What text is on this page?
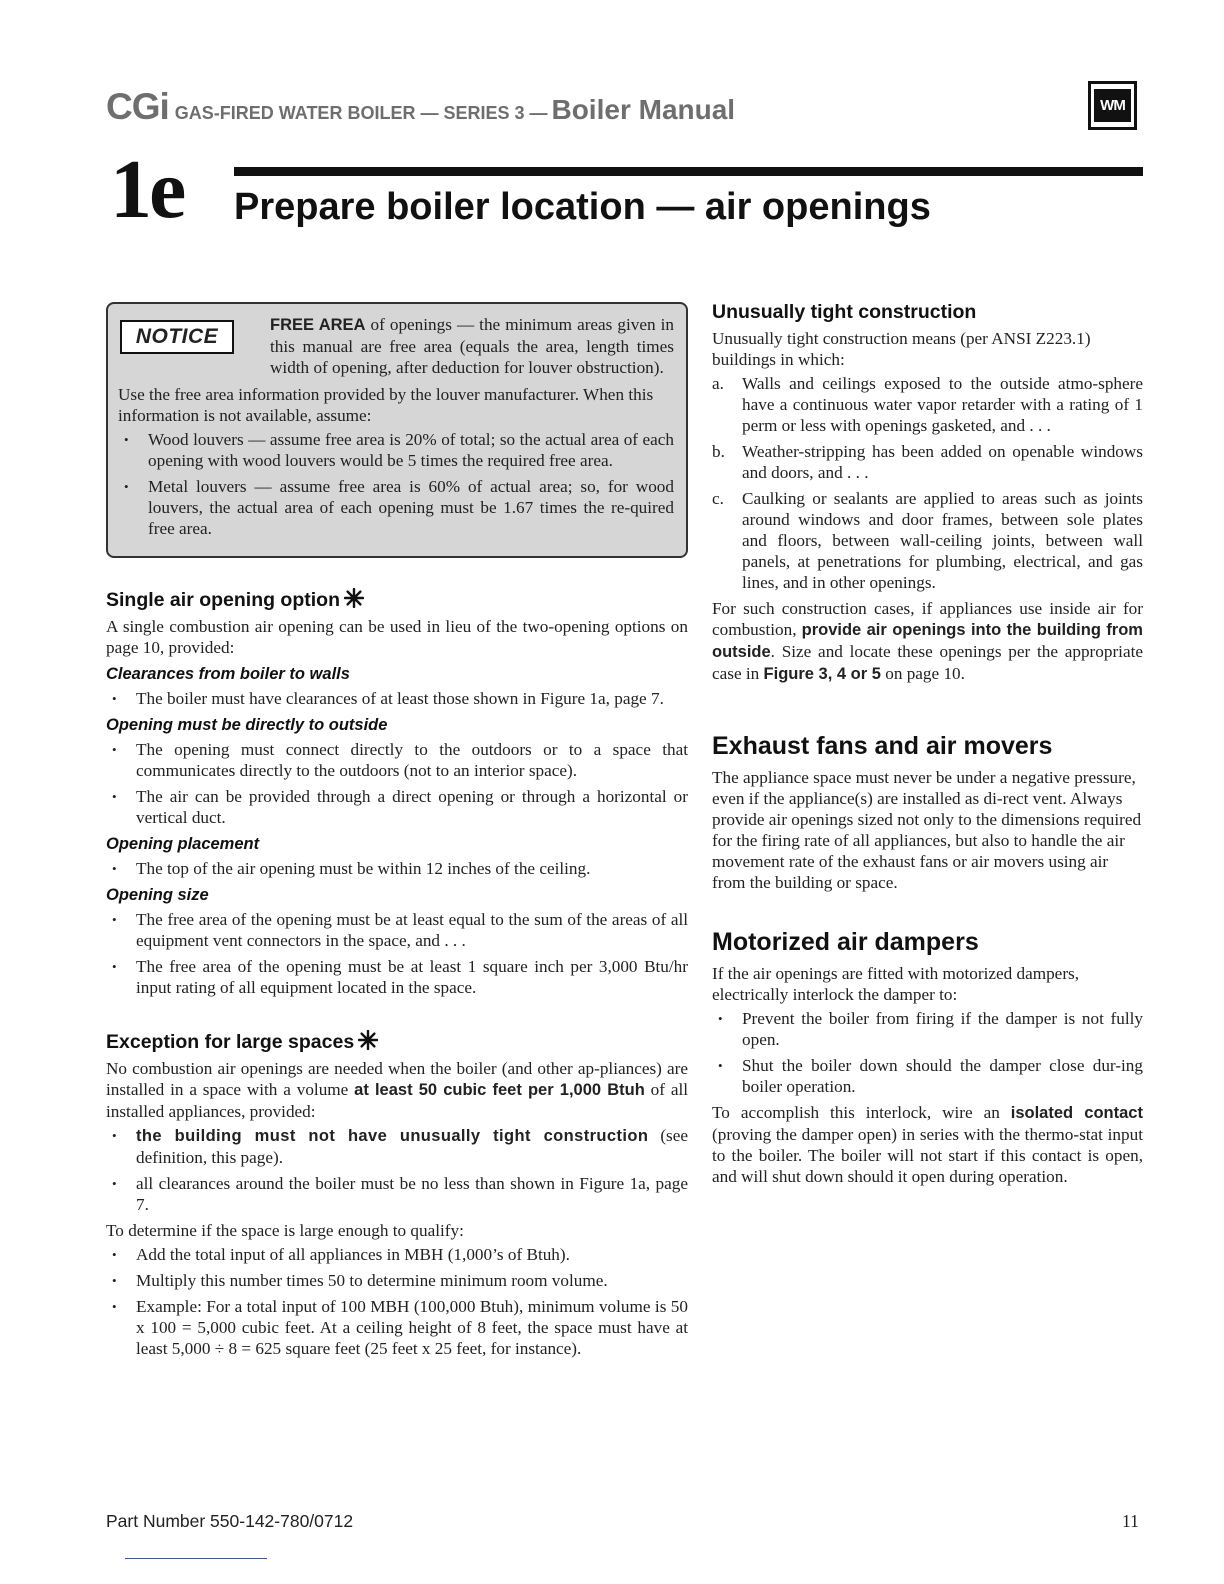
CGi GAS-FIRED WATER BOILER — SERIES 3 — Boiler Manual	WM
1e Prepare boiler location — air openings
NOTICE	FREE AREA of openings — the minimum areas given in this manual are free area (equals the area, length times width of opening, after deduction for louver obstruction).

Use the free area information provided by the louver manufacturer. When this information is not available, assume:

• Wood louvers — assume free area is 20% of total; so the actual area of each opening with wood louvers would be 5 times the required free area.
• Metal louvers — assume free area is 60% of actual area; so, for wood louvers, the actual area of each opening must be 1.67 times the re-quired free area.
Single air opening option

A single combustion air opening can be used in lieu of the two-opening options on page 10, provided:

Clearances from boiler to walls
• The boiler must have clearances of at least those shown in Figure 1a, page 7.
Opening must be directly to outside
• The opening must connect directly to the outdoors or to a space that communicates directly to the outdoors (not to an interior space).
• The air can be provided through a direct opening or through a horizontal or vertical duct.
Opening placement
• The top of the air opening must be within 12 inches of the ceiling.
Opening size
• The free area of the opening must be at least equal to the sum of the areas of all equipment vent connectors in the space, and . . .
• The free area of the opening must be at least 1 square inch per 3,000 Btu/hr input rating of all equipment located in the space.
Exception for large spaces

No combustion air openings are needed when the boiler (and other ap-pliances) are installed in a space with a volume at least 50 cubic feet per 1,000 Btuh of all installed appliances, provided:

• the building must not have unusually tight construction (see definition, this page).
• all clearances around the boiler must be no less than shown in Figure 1a, page 7.

To determine if the space is large enough to qualify:

• Add the total input of all appliances in MBH (1,000’s of Btuh).
• Multiply this number times 50 to determine minimum room volume.
• Example: For a total input of 100 MBH (100,000 Btuh), minimum volume is 50 x 100 = 5,000 cubic feet. At a ceiling height of 8 feet, the space must have at least 5,000 ÷ 8 = 625 square feet (25 feet x 25 feet, for instance).
Unusually tight construction

Unusually tight construction means (per ANSI Z223.1) buildings in which:

a. Walls and ceilings exposed to the outside atmo-sphere have a continuous water vapor retarder with a rating of 1 perm or less with openings gasketed, and . . .
b. Weather-stripping has been added on openable windows and doors, and . . .
c. Caulking or sealants are applied to areas such as joints around windows and door frames, between sole plates and floors, between wall-ceiling joints, between wall panels, at penetrations for plumbing, electrical, and gas lines, and in other openings.

For such construction cases, if appliances use inside air for combustion, provide air openings into the building from outside. Size and locate these openings per the appropriate case in Figure 3, 4 or 5 on page 10.

Exhaust fans and air movers

The appliance space must never be under a negative pressure, even if the appliance(s) are installed as di-rect vent. Always provide air openings sized not only to the dimensions required for the firing rate of all appliances, but also to handle the air movement rate of the exhaust fans or air movers using air from the building or space.

Motorized air dampers

If the air openings are fitted with motorized dampers, electrically interlock the damper to:

• Prevent the boiler from firing if the damper is not fully open.
• Shut the boiler down should the damper close dur-ing boiler operation.

To accomplish this interlock, wire an isolated contact (proving the damper open) in series with the thermo-stat input to the boiler. The boiler will not start if this contact is open, and will shut down should it open during operation.

Part Number 550-142-780/0712	11
